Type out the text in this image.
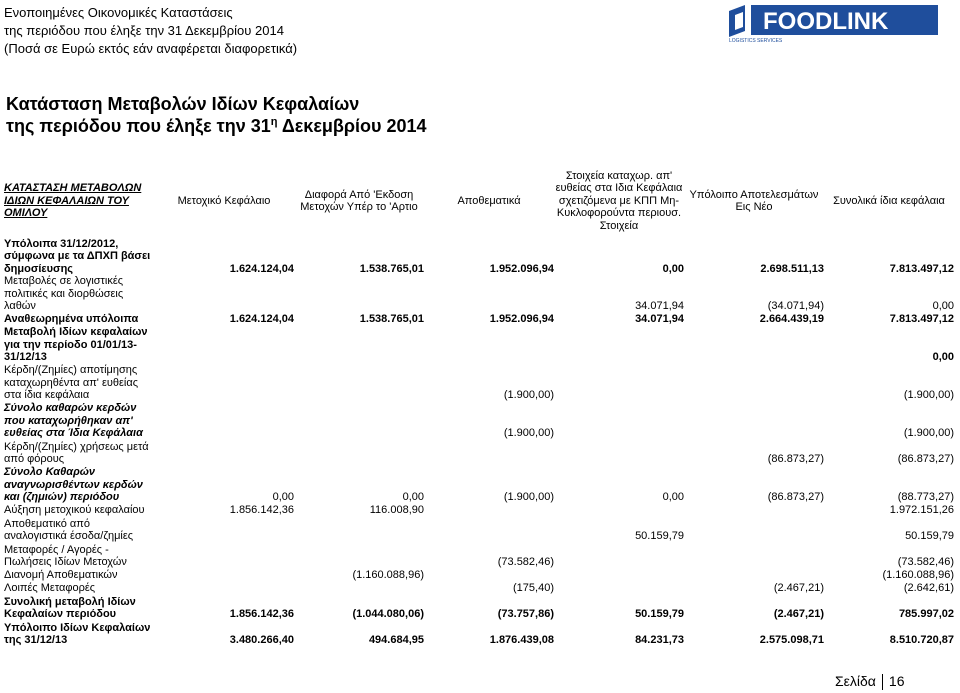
Ενοποιημένες Οικονομικές Καταστάσεις
της περιόδου που έληξε την 31 Δεκεμβρίου 2014
(Ποσά σε Ευρώ εκτός εάν αναφέρεται διαφορετικά)
FOODLINK
LOGISTICS SERVICES
Κατάσταση Μεταβολών Ιδίων Κεφαλαίων
της περιόδου που έληξε την $31^\eta$ Δεκεμβρίου 2014
ΚΑΤΑΣΤΑΣΗ ΜΕΤΑΒΟΛΩΝ ΙΔΙΩΝ ΚΕΦΑΛΑΙΩΝ ΤΟΥ ΟΜΙΛΟΥ	Μετοχικό Κεφάλαιο	Διαφορά Από 'Εκδοση Μετοχών Υπέρ το 'Αρτιο	Αποθεματικά	Στοιχεία καταχωρ. απ' ευθείας στα Ιδια Κεφάλαια σχετιζόμενα με ΚΠΠ Μη-Κυκλοφορούντα περιουσ. Στοιχεία	Υπόλοιπο Αποτελεσμάτων Εις Νέο	Συνολικά ίδια κεφάλαια
Υπόλοιπα 31/12/2012, σύμφωνα με τα ΔΠΧΠ βάσει δημοσίευσης	1.624.124,04	1.538.765,01	1.952.096,94	0,00	2.698.511,13	7.813.497,12
Μεταβολές σε λογιστικές πολιτικές και διορθώσεις λαθών				34.071,94	(34.071,94)	0,00
Αναθεωρημένα υπόλοιπα	1.624.124,04	1.538.765,01	1.952.096,94	34.071,94	2.664.439,19	7.813.497,12
Μεταβολή Ιδίων κεφαλαίων για την περίοδο 01/01/13-31/12/13						0,00
Κέρδη/(Ζημίες) αποτίμησης καταχωρηθέντα απ' ευθείας στα ίδια κεφάλαια			(1.900,00)			(1.900,00)
Σύνολο καθαρών κερδών που καταχωρήθηκαν απ' ευθείας στα Ίδια Κεφάλαια			(1.900,00)			(1.900,00)
Κέρδη/(Ζημίες) χρήσεως μετά από φόρους					(86.873,27)	(86.873,27)
Σύνολο Καθαρών αναγνωρισθέντων κερδών και (ζημιών) περιόδου	0,00	0,00	(1.900,00)	0,00	(86.873,27)	(88.773,27)
Αύξηση μετοχικού κεφαλαίου	1.856.142,36	116.008,90				1.972.151,26
Αποθεματικό από αναλογιστικά έσοδα/ζημίες				50.159,79		50.159,79
Μεταφορές / Αγορές - Πωλήσεις Ιδίων Μετοχών			(73.582,46)			(73.582,46)
Διανομή Αποθεματικών		(1.160.088,96)				(1.160.088,96)
Λοιπές Μεταφορές			(175,40)		(2.467,21)	(2.642,61)
Συνολική μεταβολή Ιδίων Κεφαλαίων περιόδου	1.856.142,36	(1.044.080,06)	(73.757,86)	50.159,79	(2.467,21)	785.997,02
Υπόλοιπο Ιδίων Κεφαλαίων της 31/12/13	3.480.266,40	494.684,95	1.876.439,08	84.231,73	2.575.098,71	8.510.720,87
Σελίδα 16
